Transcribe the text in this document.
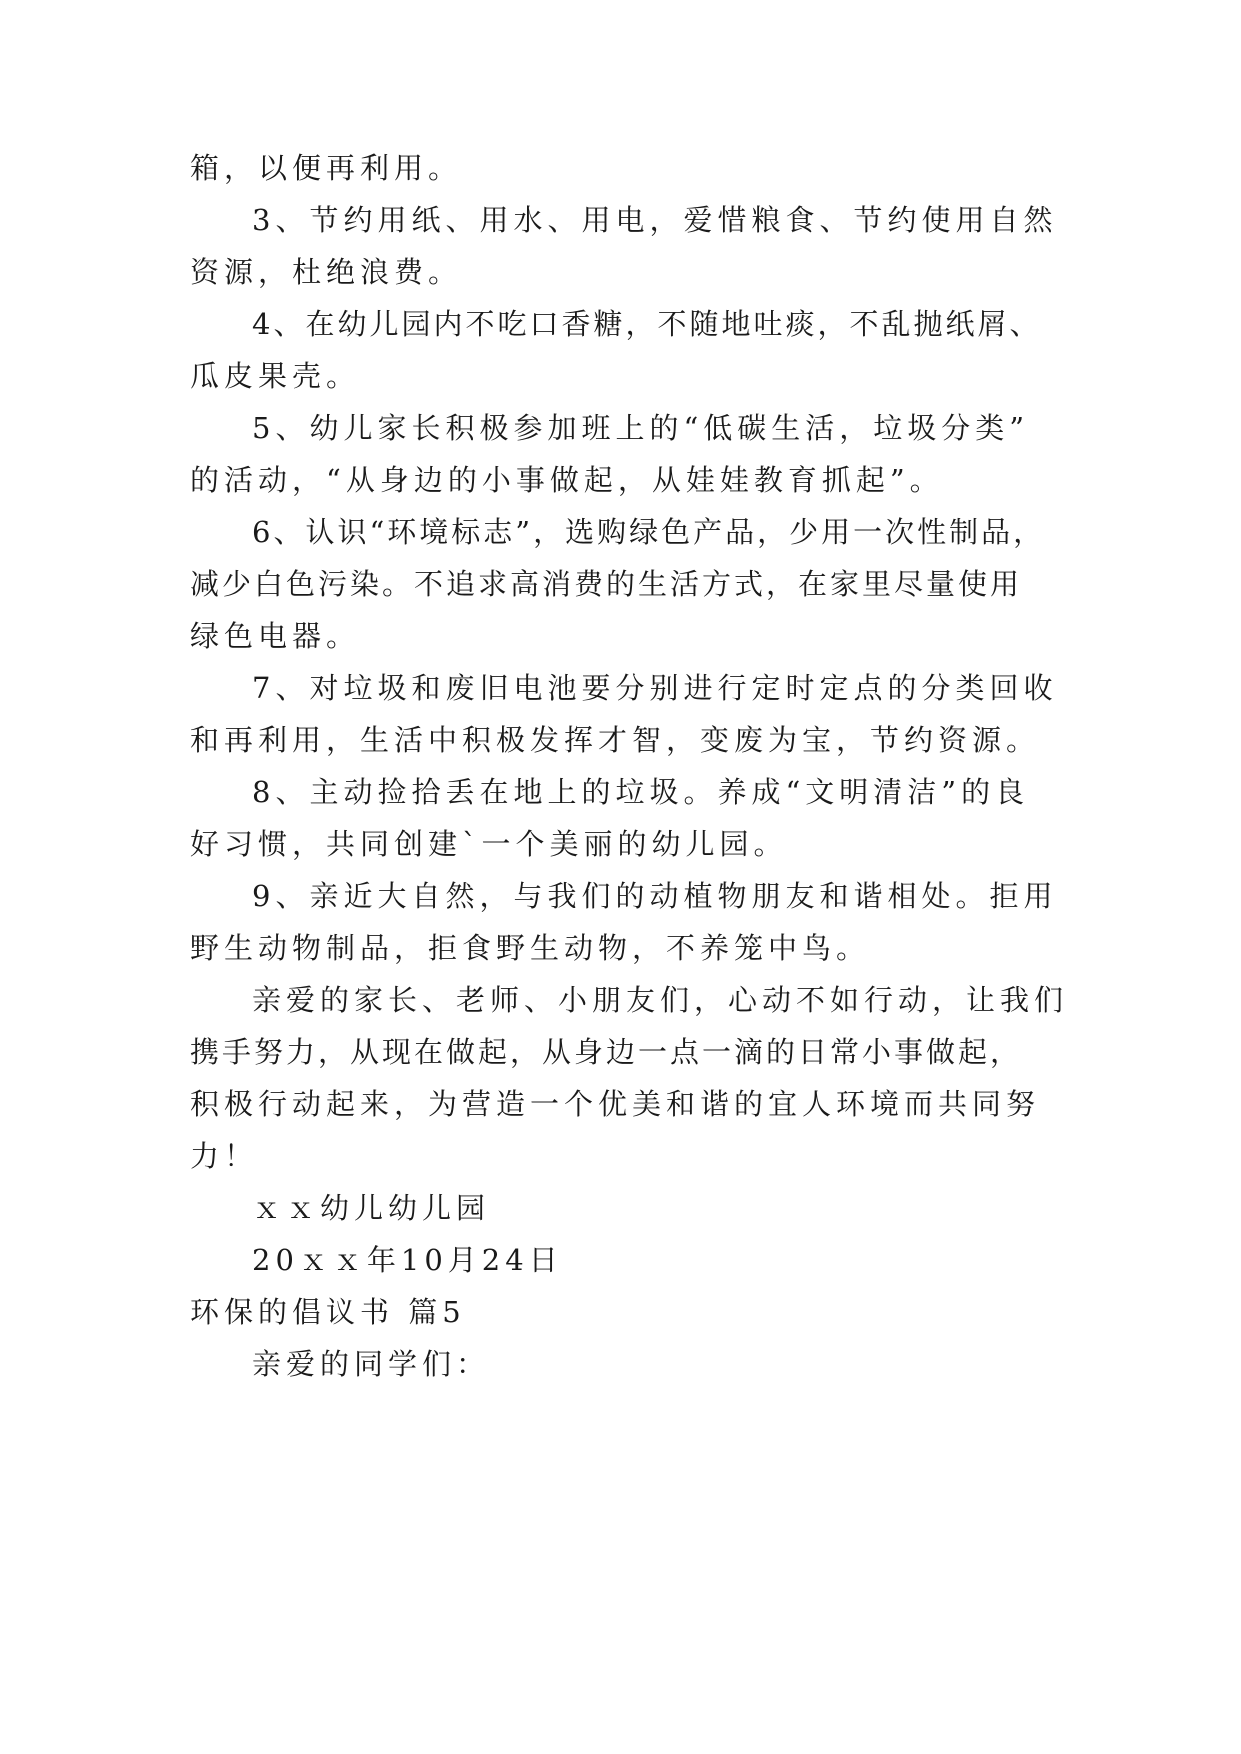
箱，以便再利用。

3、节约用纸、用水、用电，爱惜粮食、节约使用自然

资源，杜绝浪费。

4、在幼儿园内不吃口香糖，不随地吐痰，不乱抛纸屑、

瓜皮果壳。

5、幼儿家长积极参加班上的“低碳生活，垃圾分类”

的活动，“从身边的小事做起，从娃娃教育抓起”。

6、认识“环境标志”，选购绿色产品，少用一次性制品，

减少白色污染。不追求高消费的生活方式，在家里尽量使用

绿色电器。

7、对垃圾和废旧电池要分别进行定时定点的分类回收

和再利用，生活中积极发挥才智，变废为宝，节约资源。

8、主动捡拾丢在地上的垃圾。养成“文明清洁”的良

好习惯，共同创建`一个美丽的幼儿园。

9、亲近大自然，与我们的动植物朋友和谐相处。拒用

野生动物制品，拒食野生动物，不养笼中鸟。

亲爱的家长、老师、小朋友们，心动不如行动，让我们

携手努力，从现在做起，从身边一点一滴的日常小事做起，

积极行动起来，为营造一个优美和谐的宜人环境而共同努

力！

ｘｘ幼儿幼儿园

20ｘｘ年10月24日

环保的倡议书 篇5

亲爱的同学们：
